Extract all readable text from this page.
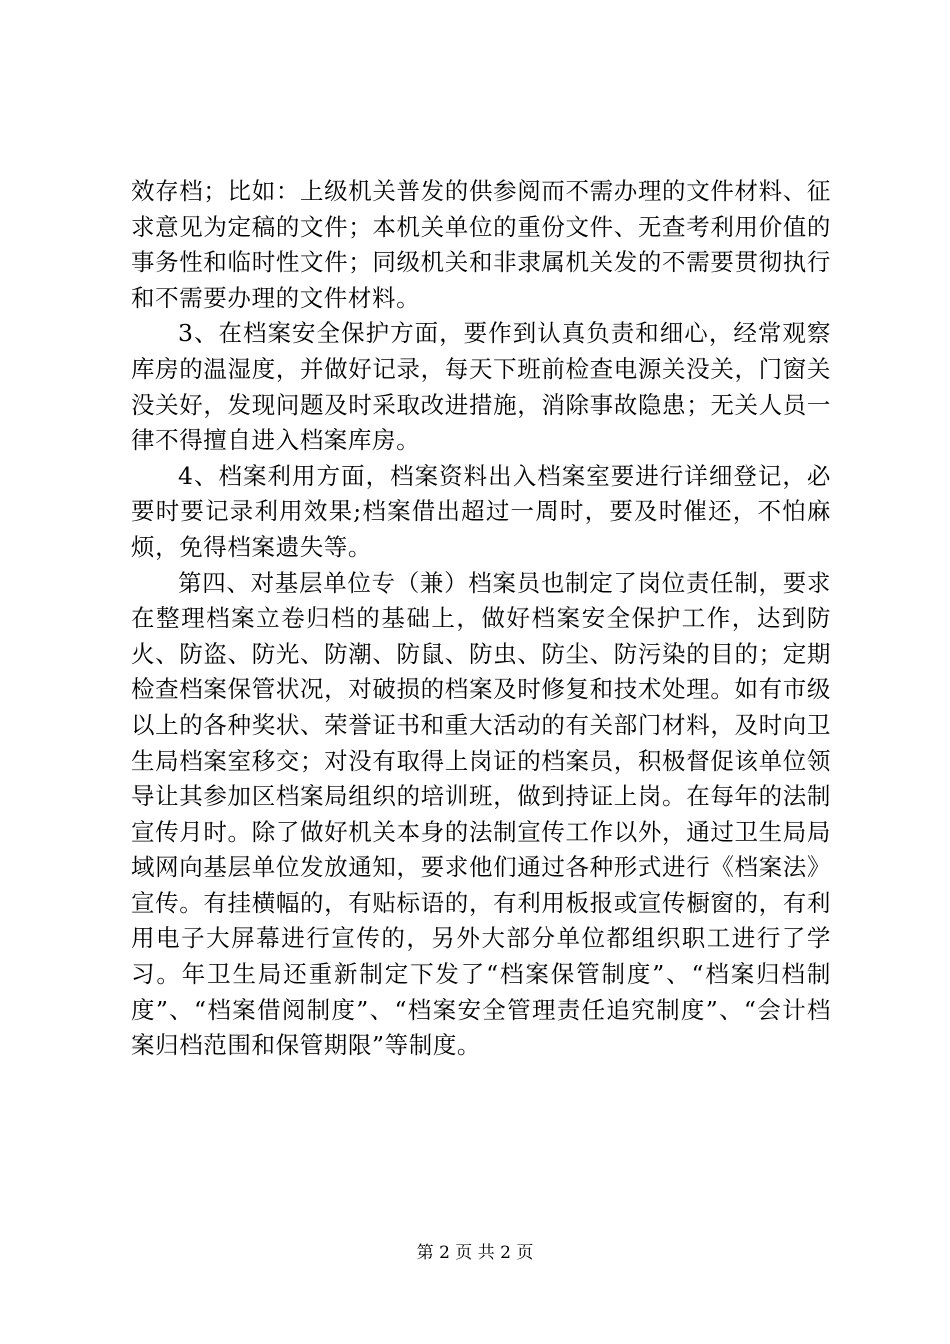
效存档；比如：上级机关普发的供参阅而不需办理的文件材料、征求意见为定稿的文件；本机关单位的重份文件、无查考利用价值的事务性和临时性文件；同级机关和非隶属机关发的不需要贯彻执行和不需要办理的文件材料。

3、在档案安全保护方面，要作到认真负责和细心，经常观察库房的温湿度，并做好记录，每天下班前检查电源关没关，门窗关没关好，发现问题及时采取改进措施，消除事故隐患；无关人员一律不得擅自进入档案库房。

4、档案利用方面，档案资料出入档案室要进行详细登记，必要时要记录利用效果;档案借出超过一周时，要及时催还，不怕麻烦，免得档案遗失等。

第四、对基层单位专（兼）档案员也制定了岗位责任制，要求在整理档案立卷归档的基础上，做好档案安全保护工作，达到防火、防盗、防光、防潮、防鼠、防虫、防尘、防污染的目的；定期检查档案保管状况，对破损的档案及时修复和技术处理。如有市级以上的各种奖状、荣誉证书和重大活动的有关部门材料，及时向卫生局档案室移交；对没有取得上岗证的档案员，积极督促该单位领导让其参加区档案局组织的培训班，做到持证上岗。在每年的法制宣传月时。除了做好机关本身的法制宣传工作以外，通过卫生局局域网向基层单位发放通知，要求他们通过各种形式进行《档案法》宣传。有挂横幅的，有贴标语的，有利用板报或宣传橱窗的，有利用电子大屏幕进行宣传的，另外大部分单位都组织职工进行了学习。年卫生局还重新制定下发了“档案保管制度”、“档案归档制度”、“档案借阅制度”、“档案安全管理责任追究制度”、“会计档案归档范围和保管期限”等制度。

第 2 页 共 2 页
